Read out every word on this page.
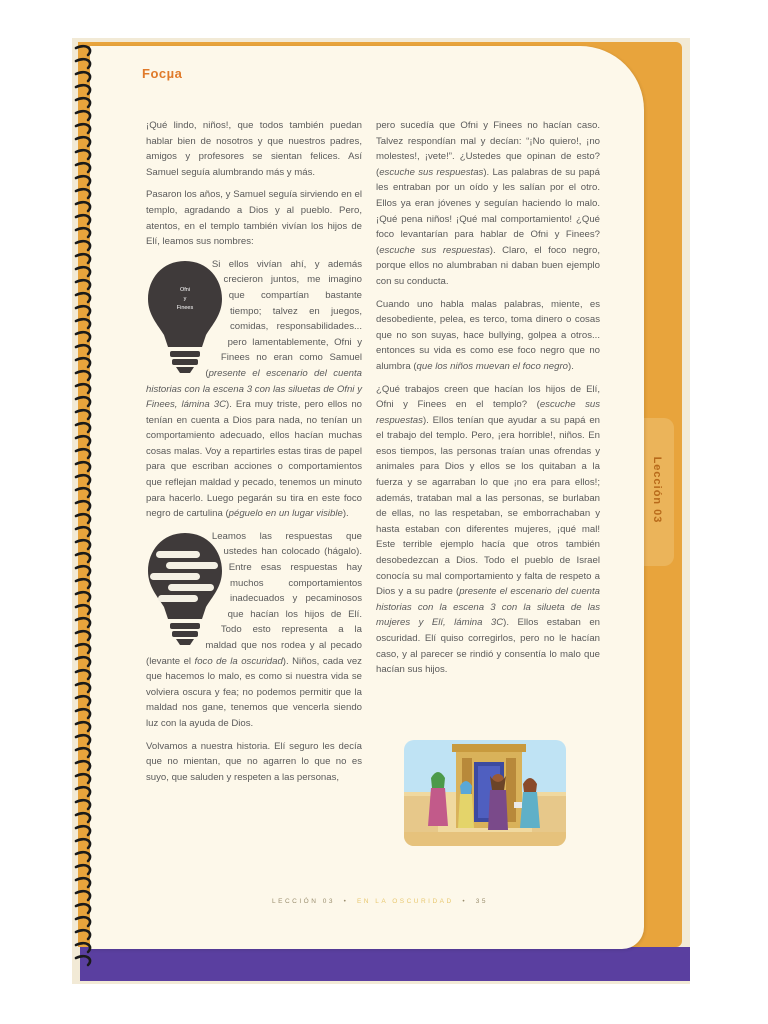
Lección 03
Focµa

¡Qué lindo, niños!, que todos también puedan hablar bien de nosotros y que nuestros padres, amigos y profesores se sientan felices. Así Samuel seguía alumbrando más y más.

Pasaron los años, y Samuel seguía sirviendo en el templo, agradando a Dios y al pueblo. Pero, atentos, en el templo también vivían los hijos de Elí, leamos sus nombres:

Ofni
y
Finees
Si ellos vivían ahí, y además crecieron juntos, me imagino que compartían bastante tiempo; talvez en juegos, comidas, responsabilidades... pero lamentablemente, Ofni y Finees no eran como Samuel (presente el escenario del cuenta historias con la escena 3 con las siluetas de Ofni y Finees, lámina 3C). Era muy triste, pero ellos no tenían en cuenta a Dios para nada, no tenían un comportamiento adecuado, ellos hacían muchas cosas malas. Voy a repartirles estas tiras de papel para que escriban acciones o comportamientos que reflejan maldad y pecado, tenemos un minuto para hacerlo. Luego pegarán su tira en este foco negro de cartulina (péguelo en un lugar visible).

Leamos las respuestas que ustedes han colocado (hágalo). Entre esas respuestas hay muchos comportamientos inadecuados y pecaminosos que hacían los hijos de Elí. Todo esto representa a la maldad que nos rodea y al pecado (levante el foco de la oscuridad). Niños, cada vez que hacemos lo malo, es como si nuestra vida se volviera oscura y fea; no podemos permitir que la maldad nos gane, tenemos que vencerla siendo luz con la ayuda de Dios.

Volvamos a nuestra historia. Elí seguro les decía que no mientan, que no agarren lo que no es suyo, que saluden y respeten a las personas,

pero sucedía que Ofni y Finees no hacían caso. Talvez respondían mal y decían: “¡No quiero!, ¡no molestes!, ¡vete!”. ¿Ustedes que opinan de esto? (escuche sus respuestas). Las palabras de su papá les entraban por un oído y les salían por el otro. Ellos ya eran jóvenes y seguían haciendo lo malo. ¡Qué pena niños! ¡Qué mal comportamiento! ¿Qué foco levantarían para hablar de Ofni y Finees? (escuche sus respuestas). Claro, el foco negro, porque ellos no alumbraban ni daban buen ejemplo con su conducta.

Cuando uno habla malas palabras, miente, es desobediente, pelea, es terco, toma dinero o cosas que no son suyas, hace bullying, golpea a otros... entonces su vida es como ese foco negro que no alumbra (que los niños muevan el foco negro).

¿Qué trabajos creen que hacían los hijos de Elí, Ofni y Finees en el templo? (escuche sus respuestas). Ellos tenían que ayudar a su papá en el trabajo del templo. Pero, ¡era horrible!, niños. En esos tiempos, las personas traían unas ofrendas y animales para Dios y ellos se los quitaban a la fuerza y se agarraban lo que ¡no era para ellos!; además, trataban mal a las personas, se burlaban de ellas, no las respetaban, se emborrachaban y hasta estaban con diferentes mujeres, ¡qué mal! Este terrible ejemplo hacía que otros también desobedezcan a Dios. Todo el pueblo de Israel conocía su mal comportamiento y falta de respeto a Dios y a su padre (presente el escenario del cuenta historias con la escena 3 con la silueta de las mujeres y Elí, lámina 3C). Ellos estaban en oscuridad. Elí quiso corregirlos, pero no le hacían caso, y al parecer se rindió y consentía lo malo que hacían sus hijos.

LECCIÓN 03  •  EN LA OSCURIDAD  •  35
